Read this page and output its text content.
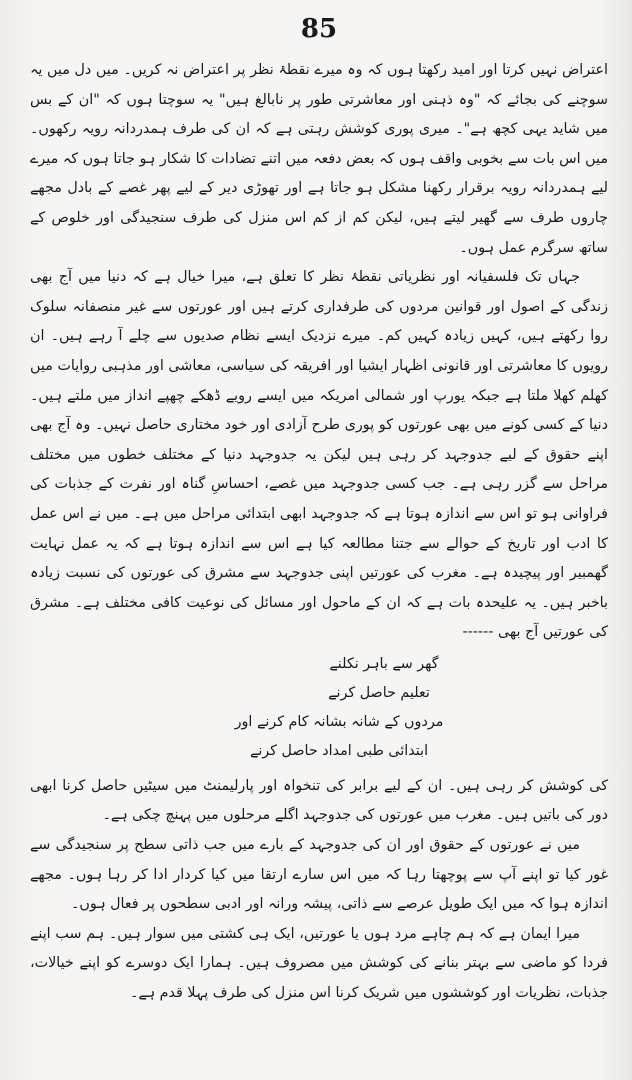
85

اعتراض نہیں کرتا اور امید رکھتا ہوں کہ وہ میرے نقطۂ نظر پر اعتراض نہ کریں۔ میں دل میں یہ سوچنے کی بجائے کہ "وہ ذہنی اور معاشرتی طور پر نابالغ ہیں" یہ سوچتا ہوں کہ "ان کے بس میں شاید یہی کچھ ہے"۔ میری پوری کوشش رہتی ہے کہ ان کی طرف ہمدردانہ رویہ رکھوں۔ میں اس بات سے بخوبی واقف ہوں کہ بعض دفعہ میں اتنے تضادات کا شکار ہو جاتا ہوں کہ میرے لیے ہمدردانہ رویہ برقرار رکھنا مشکل ہو جاتا ہے اور تھوڑی دیر کے لیے پھر غصے کے بادل مجھے چاروں طرف سے گھیر لیتے ہیں، لیکن کم از کم اس منزل کی طرف سنجیدگی اور خلوص کے ساتھ سرگرم عمل ہوں۔

جہاں تک فلسفیانہ اور نظریاتی نقطۂ نظر کا تعلق ہے، میرا خیال ہے کہ دنیا میں آج بھی زندگی کے اصول اور قوانین مردوں کی طرفداری کرتے ہیں اور عورتوں سے غیر منصفانہ سلوک روا رکھتے ہیں، کہیں زیادہ کہیں کم۔ میرے نزدیک ایسے نظام صدیوں سے چلے آ رہے ہیں۔ ان رویوں کا معاشرتی اور قانونی اظہار ایشیا اور افریقہ کی سیاسی، معاشی اور مذہبی روایات میں کھلم کھلا ملتا ہے جبکہ یورپ اور شمالی امریکہ میں ایسے رویے ڈھکے چھپے انداز میں ملتے ہیں۔ دنیا کے کسی کونے میں بھی عورتوں کو پوری طرح آزادی اور خود مختاری حاصل نہیں۔ وہ آج بھی اپنے حقوق کے لیے جدوجہد کر رہی ہیں لیکن یہ جدوجہد دنیا کے مختلف خطوں میں مختلف مراحل سے گزر رہی ہے۔ جب کسی جدوجہد میں غصے، احساسِ گناہ اور نفرت کے جذبات کی فراوانی ہو تو اس سے اندازہ ہوتا ہے کہ جدوجہد ابھی ابتدائی مراحل میں ہے۔ میں نے اس عمل کا ادب اور تاریخ کے حوالے سے جتنا مطالعہ کیا ہے اس سے اندازہ ہوتا ہے کہ یہ عمل نہایت گھمبیر اور پیچیدہ ہے۔ مغرب کی عورتیں اپنی جدوجہد سے مشرق کی عورتوں کی نسبت زیادہ باخبر ہیں۔ یہ علیحدہ بات ہے کہ ان کے ماحول اور مسائل کی نوعیت کافی مختلف ہے۔ مشرق کی عورتیں آج بھی ------

گھر سے باہر نکلنے
تعلیم حاصل کرنے
مردوں کے شانہ بشانہ کام کرنے اور
ابتدائی طبی امداد حاصل کرنے

کی کوشش کر رہی ہیں۔ ان کے لیے برابر کی تنخواہ اور پارلیمنٹ میں سیٹیں حاصل کرنا ابھی دور کی باتیں ہیں۔ مغرب میں عورتوں کی جدوجہد اگلے مرحلوں میں پہنچ چکی ہے۔

میں نے عورتوں کے حقوق اور ان کی جدوجہد کے بارے میں جب ذاتی سطح پر سنجیدگی سے غور کیا تو اپنے آپ سے پوچھتا رہا کہ میں اس سارے ارتقا میں کیا کردار ادا کر رہا ہوں۔ مجھے اندازہ ہوا کہ میں ایک طویل عرصے سے ذاتی، پیشہ ورانہ اور ادبی سطحوں پر فعال ہوں۔

میرا ایمان ہے کہ ہم چاہے مرد ہوں یا عورتیں، ایک ہی کشتی میں سوار ہیں۔ ہم سب اپنے فردا کو ماضی سے بہتر بنانے کی کوشش میں مصروف ہیں۔ ہمارا ایک دوسرے کو اپنے خیالات، جذبات، نظریات اور کوششوں میں شریک کرنا اس منزل کی طرف پہلا قدم ہے۔
